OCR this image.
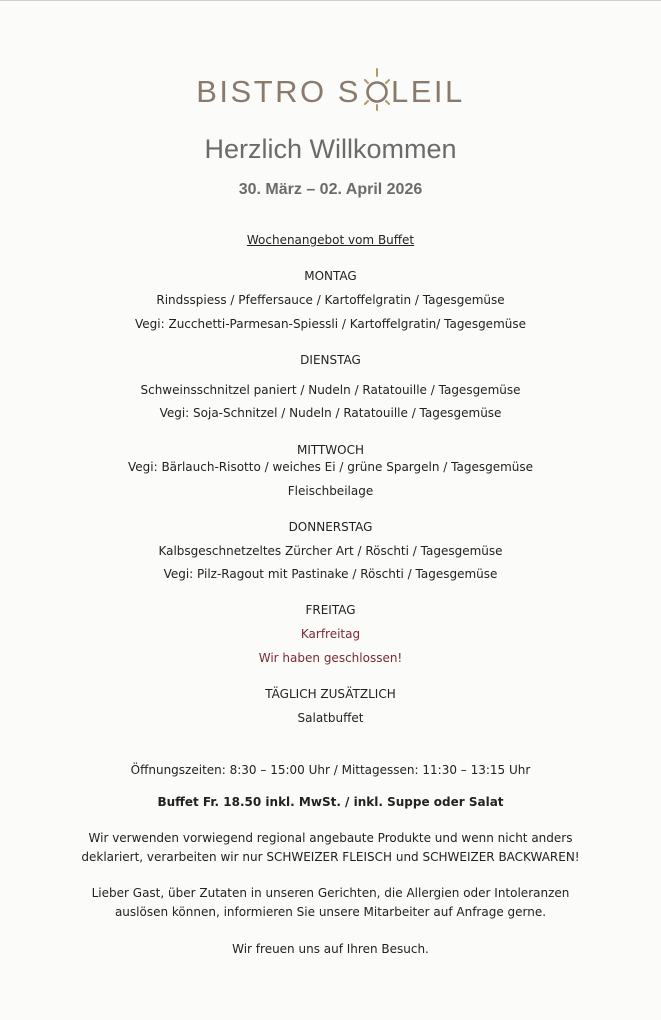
BISTRO S LEIL
Herzlich Willkommen
30. März – 02. April 2026
Wochenangebot vom Buffet
MONTAG
Rindsspiess / Pfeffersauce / Kartoffelgratin / Tagesgemüse
Vegi: Zucchetti-Parmesan-Spiessli / Kartoffelgratin/ Tagesgemüse
DIENSTAG
Schweinsschnitzel paniert / Nudeln / Ratatouille / Tagesgemüse
Vegi: Soja-Schnitzel / Nudeln / Ratatouille / Tagesgemüse
MITTWOCH
Vegi: Bärlauch-Risotto / weiches Ei / grüne Spargeln / Tagesgemüse
Fleischbeilage
DONNERSTAG
Kalbsgeschnetzeltes Zürcher Art / Röschti / Tagesgemüse
Vegi: Pilz-Ragout mit Pastinake / Röschti / Tagesgemüse
FREITAG
Karfreitag
Wir haben geschlossen!
TÄGLICH ZUSÄTZLICH
Salatbuffet
Öffnungszeiten: 8:30 – 15:00 Uhr / Mittagessen: 11:30 – 13:15 Uhr
Buffet Fr. 18.50 inkl. MwSt. / inkl. Suppe oder Salat
Wir verwenden vorwiegend regional angebaute Produkte und wenn nicht anders
deklariert, verarbeiten wir nur SCHWEIZER FLEISCH und SCHWEIZER BACKWAREN!
Lieber Gast, über Zutaten in unseren Gerichten, die Allergien oder Intoleranzen
auslösen können, informieren Sie unsere Mitarbeiter auf Anfrage gerne.
Wir freuen uns auf Ihren Besuch.
